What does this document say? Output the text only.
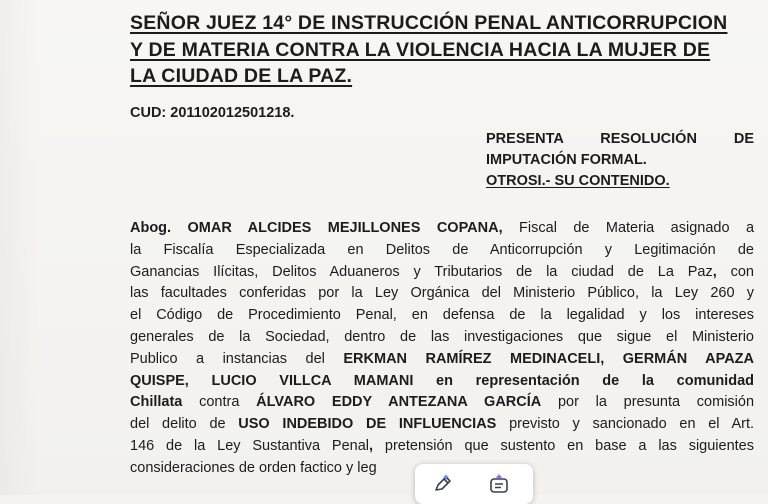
SEÑOR JUEZ 14° DE INSTRUCCIÓN PENAL ANTICORRUPCION
Y DE MATERIA CONTRA LA VIOLENCIA HACIA LA MUJER DE
LA CIUDAD DE LA PAZ.

CUD: 201102012501218.

PRESENTA RESOLUCIÓN DE
IMPUTACIÓN FORMAL.
OTROSI.- SU CONTENIDO.
Abog. OMAR ALCIDES MEJILLONES COPANA, Fiscal de Materia asignado a
la Fiscalía Especializada en Delitos de Anticorrupción y Legitimación de
Ganancias Ilícitas, Delitos Aduaneros y Tributarios de la ciudad de La Paz, con
las facultades conferidas por la Ley Orgánica del Ministerio Público, la Ley 260 y
el Código de Procedimiento Penal, en defensa de la legalidad y los intereses
generales de la Sociedad, dentro de las investigaciones que sigue el Ministerio
Publico a instancias del ERKMAN RAMÍREZ MEDINACELI, GERMÁN APAZA
QUISPE, LUCIO VILLCA MAMANI en representación de la comunidad
Chillata contra ÁLVARO EDDY ANTEZANA GARCÍA por la presunta comisión
del delito de USO INDEBIDO DE INFLUENCIAS previsto y sancionado en el Art.
146 de la Ley Sustantiva Penal, pretensión que sustento en base a las siguientes
consideraciones de orden factico y leg
